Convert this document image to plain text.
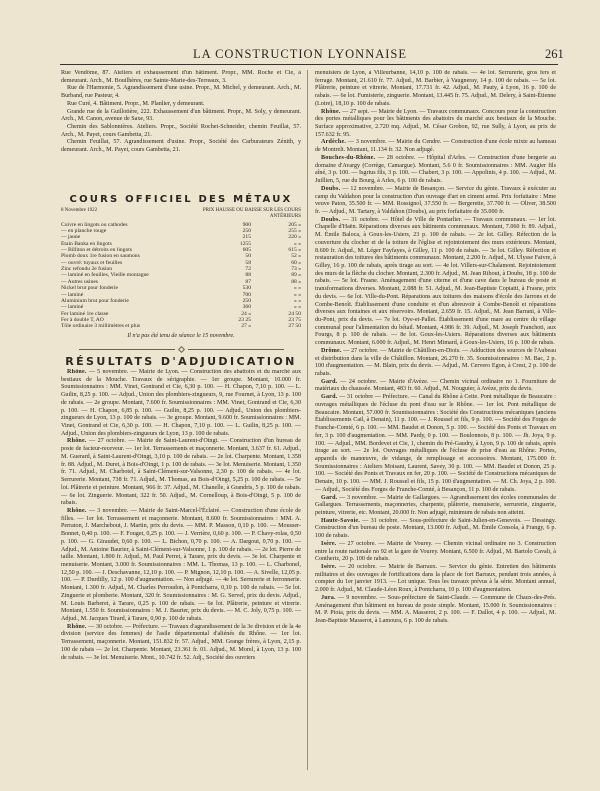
LA CONSTRUCTION LYONNAISE	261

Rue Vendôme, 87. Ateliers et exhaussement d'un bâtiment. Propr., MM. Roche et Cie, à demeurant. Arch., M. Bouilhères, rue Sainte-Marie-des-Terreaux, 3.

Rue de l'Harmonie, 5. Agrandissement d'une usine. Propr., M. Michel, y demeurant. Arch., M. Burband, rue Pasteur, 4.

Rue Curé, 4. Bâtiment. Propr., M. Planlier, y demeurant.

Grande rue de la Guillotière, 222. Exhaussement d'un bâtiment. Propr., M. Soly, y demeurant. Arch., M. Canon, avenue de Saxe, 93.

Chemin des Sablonnières. Ateliers. Propr., Société Rochet-Schneider, chemin Feuillat, 57. Arch., M. Payet, cours Gambetta, 21.

Chemin Feuillat, 57. Agrandissement d'usine. Propr., Société des Carburateurs Zénith, y demeurant. Arch., M. Payet, cours Gambetta, 21.

COURS OFFICIEL DES MÉTAUX
8 Novembre 1922	PRIX HAUSSE OU BAISSE SUR LES COURS ANTÉRIEURS
Cuivre en lingots ou cathodes	900	205 »
— en planche rouge	250	255 »
— jaune	215	220 »
Étain Banka en lingots	1255	» »
— Billiton et détroits en lingots	605	615 »
Plomb doux 1re fusion en saumons	50	52 »
— ouvré: tuyaux et feuilles	58	60 »
Zinc refondu 2e fusion	72	73 »
— laminé en feuilles, Vieille montagne	88	89 »
— Autres usines	87	88 »
Nickel brut pour fonderie	530	» »
— laminé	700	» »
Aluminium brut pour fonderie	250	» »
— laminé	360	» »
Fer laminé 1re classe	24 »	24 50
Fer à double T, AO	23 25	23 75
Tôle ordinaire 3 millimètres et plus	27 »	27 50
Il n'a pas été tenu de séance le 15 novembre.
RÉSULTATS D'ADJUDICATION

Rhône. — 5 novembre. — Mairie de Lyon. — Construction des abattoirs et du marché aux bestiaux de la Mouche. Travaux de sérigraphie. — 1er groupe. Montant, 10.000 fr. Soumissionnaires : MM. Vinet, Gontrand et Cie, 6,30 p. 100. — H. Chapon, 7,10 p. 100. — L. Guilin, 8,25 p. 100. — Adjud., Union des plombiers-zingueurs, 9, rue Fournet, à Lyon, 13 p. 100 de rabais. — 2e groupe. Montant, 7.600 fr. Soumissionnaires : MM. Vinet, Gontrand et Cie, 6,30 p. 100. — H. Chapon, 6,85 p. 100. — Guilin, 8,25 p. 100. — Adjud., Union des plombiers-zingueurs de Lyon, 13 p. 100 de rabais. — 3e groupe. Montant, 9.600 fr. Soumissionnaires : MM. Vinet, Gontrand et Cie, 6,30 p. 100. — H. Chapon, 7,10 p. 100. — L. Guilin, 8,25 p. 100. — Adjud., Union des plombiers-zingueurs de Lyon, 13 p. 100 de rabais.

Rhône. — 27 octobre. — Mairie de Saint-Laurent-d'Oingt. — Construction d'un bureau de poste de facteur-receveur. — 1er lot. Terrassements et maçonnerie. Montant, 3.637 fr. 61. Adjud., M. Guerard, à Saint-Laurent-d'Oingt, 3,10 p. 100 de rabais. — 2e lot. Charpente. Montant, 1.358 fr. 88. Adjud., M. Duret, à Bois-d'Oingt, 1 p. 100 de rabais. — 3e lot. Menuiserie. Montant, 1.350 fr. 71. Adjud., M. Charbotel, à Saint-Clément-sur-Valsonne, 2,30 p. 100 de rabais. — 4e lot. Serrurerie. Montant, 738 fr. 71. Adjud., M. Thomas, au Bois-d'Oingt, 5,25 p. 100 de rabais. — 5e lot. Plâtrerie et peinture. Montant, 966 fr. 37. Adjud., M. Chanelle, à Grandris, 5 p. 100 de rabais. — 6e lot. Zinguerie. Montant, 322 fr. 50. Adjud., M. Cornelloup, à Bois-d'Oingt, 5 p. 100 de rabais.

Rhône. — 3 novembre. — Mairie de Saint-Marcel-l'Éclairé. — Construction d'une école de filles. — 1er lot. Terrassement et maçonnerie. Montant, 8.600 fr. Soumissionnaires : MM. A. Perraton, J. Marchebout, J. Martin, prix du devis. — MM. P. Masson, 0,10 p. 100. — Mousser-Bonnet, 0,40 p. 100. — F. Fouget, 0,25 p. 100. — J. Verrière, 0,60 p. 100. — P. Chavy-rolas, 0,50 p. 100. — G. Giraudet, 0,60 p. 100. — L. Bichon, 0,70 p. 100. — A. Dargout, 0,70 p. 100. — Adjud., M. Antoine Baurier, à Saint-Clément-sur-Valsonne, 1 p. 100 de rabais. — 2e lot. Pierre de taille. Montant, 1.800 fr. Adjud., M. Paul Perret, à Tarare, prix du devis. — 3e lot. Charpente et menuiserie. Montant, 3.000 fr. Soumissionnaires : MM. L. Thomas, 13 p. 100. — L. Charbonel, 12,50 p. 100. — J. Deschavanne, 12,10 p. 100. — P. Mignon, 12,10 p. 100. — A. Sivelle, 12,05 p. 100. — P. Durdilly, 12 p. 100 d'augmentation. — Non adjugé. — 4e lot. Serrurerie et ferronnerie. Montant, 1.300 fr. Adjud., M. Charles Perroudon, à Pontcharra, 0,10 p. 100 de rabais. — 5e lot. Zinguerie et plomberie. Montant, 320 fr. Soumissionnaires : M. G. Servel, prix du devis. Adjud., M. Louis Barberet, à Tarare, 0,25 p. 100 de rabais. — 6e lot. Plâtrerie, peinture et vitrerie. Montant, 1.550 fr. Soumissionnaires : M. J. Baurier, prix du devis. — M. C. Joly, 0,75 p. 100. — Adjud., M. Jacques Tirard, à Tarare, 0,90 p. 100 de rabais.

Rhône. — 30 octobre. — Préfecture. — Travaux d'agrandissement de la 3e division et de la 4e division (service des femmes) de l'asile départemental d'aliénés du Rhône. — 1er lot. Terrassement, maçonnerie. Montant, 151.832 fr. 57. Adjud., MM. Grange frères, à Lyon, 2,15 p. 100 de rabais — 2e lot. Charpente. Montant, 23.361 fr. 01. Adjud., M. Morel, à Lyon, 13 p. 100 de rabais. — 3e lot. Menuiserie. Mont., 10.742 fr. 52. Adj., Société des ouvriers

menuisiers de Lyon, à Villeurbanne, 14,10 p. 100 de rabais. — 4e lot. Serrurerie, gros fers et ferrage. Montant, 21.610 fr. 77. Adjud., M. Barbier, à Vaugneray, 14 p. 100 de rabais. — 5e lot. Plâtrerie, peinture et vitrerie. Montant, 17.731 fr. 42. Adjud., M. Pauty, à Lyon, 16 p. 100 de rabais. — 6e lot. Fumisterie, zinguerie. Montant, 13.445 fr. 75. Adjud., M. Delery, à Saint-Étienne (Loire), 18,10 p. 100 de rabais.

Rhône. — 27 sept. — Mairie de Lyon. — Travaux communaux. Concours pour la construction des portes métalliques pour les bâtiments des abattoirs du marché aux bestiaux de la Mouche. Surface approximative, 2.720 mq. Adjud., M. César Grobon, 92, rue Sully, à Lyon, au prix de 157.632 fr. 95.

Ardèche. — 3 novembre. — Mairie du Cendre. — Construction d'une école mixte au hameau de Montrelt. Montant, 11.134 fr. 32. Non adjugé.

Bouches-du-Rhône. — 28 octobre. — Hôpital d'Arles. — Construction d'une bergerie au domaine d'Avargy (Corrège, Camargue). Montant, 5.6 0 fr. Soumissionnaires : MM. Augier fils aîné, 3 p. 100. — Isgrius fils, 3 p. 100. — Chabert, 3 p. 100. — Appolinis, 4 p. 100. — Adjud., M. Juillien, 5, rue du Bourg, à Arles, 6 p. 100 de rabais.

Doubs. — 12 novembre. — Mairie de Besançon. — Service du génie. Travaux à exécuter au camp du Valdahon pour la construction d'un ouvrage d'art en ciment armé. Prix forfaitaire : Mme veuve Paton, 35.500 fr. — MM. Rossignol, 37.550 fr. — Bergerette, 37.700 fr. — Oliver, 38.500 fr. — Adjud., M. Tartary, à Valdahon (Doubs), au prix forfaitaire de 35.000 fr.

Doubs. — 31 octobre. — Hôtel de Ville de Pontarlier. — Travaux communaux. — 1er lot. Chapelle d'Haën. Réparations diverses aux bâtiments communaux. Montant, 7.060 fr. 89. Adjud., M. Émile Baloca, à Goux-les-Usiers, 23 p. 100 de rabais. — 2e lot. Gilley. Réfection de la couverture du clocher et de la toiture de l'église et rejointoiement des murs extérieurs. Montant, 8.600 fr. Adjud., M. Léger Fayfayes, à Gilley, 11 p. 100 de rabais. — 3e lot. Gilley. Réfection et restauration des toitures des bâtiments communaux. Montant, 2.200 fr. Adjud., M. Ulysse Faivre, à Gilley, 16 p. 100 de rabais, après tirage au sort. — 4e lot. Villers-sur-Chalamont. Rejointoiement des murs de la flèche du clocher. Montant, 2.300 fr. Adjud., M. Jean Ribout, à Doubs, 18 p. 100 de rabais. — 5e lot. Frasne. Aménagement d'une citerne et d'une cave dans le bureau de poste et transformations diverses. Montant, 2.088 fr. 51. Adjud., M. Jean-Baptiste Copiatti, à Frasne, prix du devis. — 6e lot. Ville-du-Pont. Réparations aux toitures des maisons d'école des Jarrons et de Combe-Benoît. Établissement d'une conduite et d'un abreuvoir à Combe-Benoît et réparations diverses aux fontaines et aux réservoirs. Montant, 2.659 fr. 15. Adjud., M. Jean Barrani, à Ville-du-Pont, prix du devis. — 7e lot. Oye-et-Pallet. Établissement d'une mare au centre du village communal pour l'alimentation du bétail. Montant, 4.986 fr. 39. Adjud., M. Joseph Franchoti, aux Fourgs, 8 p. 100 de rabais. — 8e lot. Goux-les-Usiers. Réparations diverses aux bâtiments communaux. Montant, 6.000 fr. Adjud., M. Henri Mimard, à Goux-les-Usiers, 16 p. 100 de rabais.

Drôme. — 27 octobre. — Mairie de Châtillon-en-Diois. — Adduction des sources de l'Aubeau et distribution dans la ville de Châtillon. Montant, 26.270 fr. 35. Soumissionnaires : M. Bac, 2 p. 100 d'augmentation. — M. Blain, prix du devis. — Adjud., M. Cervero Egon, à Crest, 2 p. 100 de rabais.

Gard. — 24 octobre. — Mairie d'Avèze. — Chemin vicinal ordinaire no 1. Fourniture de matériaux du chaussée. Montant, 483 fr. 60. Adjud., M. Nouguier, à Avèze, prix du devis.

Gard. — 31 octobre — Préfecture. — Canal du Rhône à Cette. Pont métallique de Beaucaire : ouvrages métalliques de l'écluse du pont d'eau sur le Rhône. — 1er lot. Pont métallique de Beaucaire. Montant, 57.000 fr. Soumissionnaires : Société des Constructions mécaniques (anciens Établissements Cail, à Denain), 11 p. 100. — J. Roussel et fils, 9 p. 100. — Société des Forges de Franche-Comté, 6 p. 100. — MM. Baudet et Donon, 5 p. 100. — Société des Ponts et Travaux en fer, 3 p. 100 d'augmentation. — MM. Pardy, 0 p. 100. — Boulonnois, 8 p. 100. — Jh. Joya, 9 p. 100. — Adjud., MM. Bordevet et Cie, 1, chemin du Pré-Gaudry, à Lyon, 9 p. 100 de rabais, après tirage au sort. — 2e lot. Ouvrages métalliques de l'écluse de prise d'eau au Rhône. Portes, appareils de manœuvre, de vidange, de remplissage et accessoires. Montant, 175.000 fr. Soumissionnaires : Ateliers Moisant, Laurent, Savey, 30 p. 100. — MM. Baudet et Donon, 25 p. 100. — Société des Ponts et Travaux en fer, 20 p. 100. — Société de Constructions mécaniques de Denain, 10 p. 100. — MM. J. Roussel et fils, 15 p. 100 d'augmentation. — M. Ch. Joya, 2 p. 100. — Adjud., Société des Forges de Franche-Comté, à Besançon, 11 p. 100 de rabais.

Gard. — 3 novembre. — Mairie de Gallargues. — Agrandissement des écoles communales de Gallargues. Terrassements, maçonneries, charpente, plâtrerie, menuiserie, serrurerie, zinguerie, peinture, vitrerie, etc. Montant, 20.000 fr. Non adjugé, minimum de rabais non atteint.

Haute-Savoie. — 31 octobre. — Sous-préfecture de Saint-Julien-en-Genevois. — Dessingy. Construction d'un bureau de poste. Montant, 13.000 fr. Adjud., M. Émile Consola, à Frangy, 6 p. 100 de rabais.

Isère. — 27 octobre. — Mairie de Vourey. — Chemin vicinal ordinaire no 3. Construction entre la route nationale no 92 et la gare de Vourey. Montant, 6.500 fr. Adjud., M. Bartolo Cavali, à Contheriz, 20 p. 100 de rabais.

Isère. — 20 octobre. — Mairie de Barraux. — Service du génie. Entretien des bâtiments militaires et des ouvrages de fortifications dans la place de fort Barraux, pendant trois années, à compter du 1er janvier 1913. — Lot unique. Tous les travaux prévus à la série. Montant annuel, 2.000 fr. Adjud., M. Claude-Léon Roux, à Pontcharra, 10 p. 100 d'augmentation.

Jura. — 9 novembre. — Sous-préfecture de Saint-Claude. — Commune de Chaux-des-Prés. Aménagement d'un bâtiment en bureau de poste simple. Montant, 15.000 fr. Soumissionnaires : M. P. Pioia, prix du devis. — MM. A. Masserot, 2 p. 100. — F. Dallot, 4 p. 100. — Adjud., M. Jean-Baptiste Masserot, à Lamoura, 6 p. 100 de rabais.
